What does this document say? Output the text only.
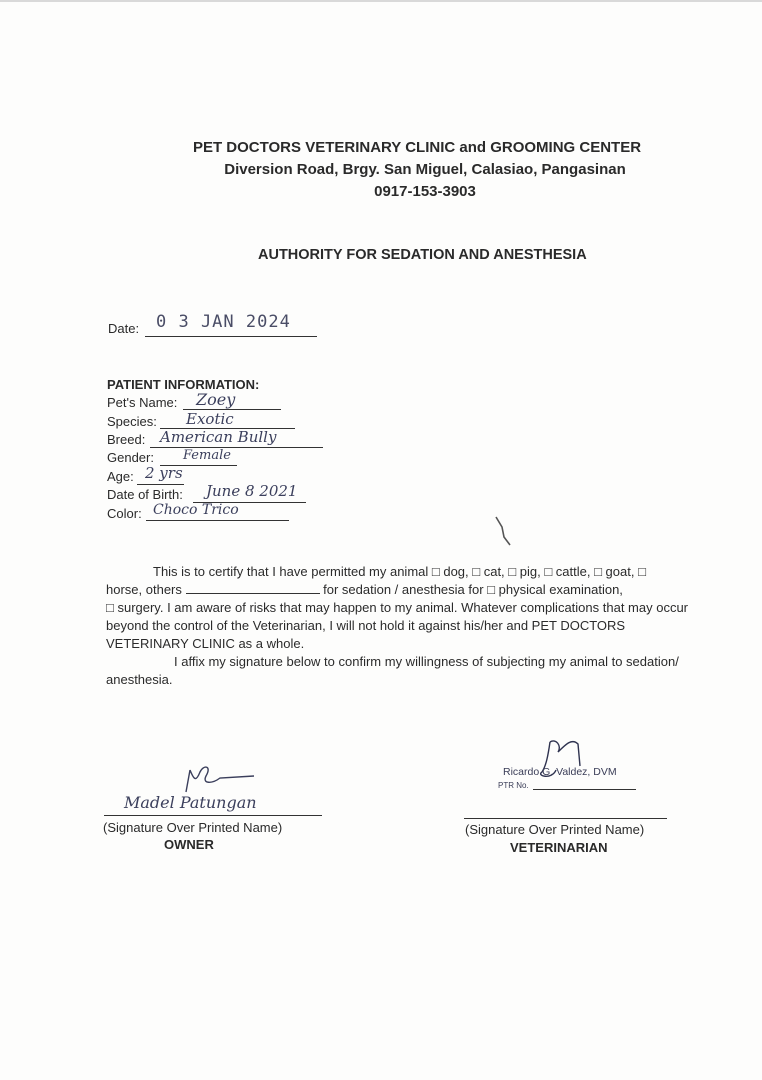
PET DOCTORS VETERINARY CLINIC and GROOMING CENTER
Diversion Road, Brgy. San Miguel, Calasiao, Pangasinan
0917-153-3903
AUTHORITY FOR SEDATION AND ANESTHESIA
Date: 0 3 JAN 2024
PATIENT INFORMATION:
Pet's Name: Zoey
Species: Exotic
Breed: American Bully
Gender: Female
Age: 2 yrs
Date of Birth: June 8 2021
Color: Choco Trico
This is to certify that I have permitted my animal □ dog, □ cat, □ pig, □ cattle, □ goat, □
horse, others	for sedation / anesthesia for □ physical examination,
□ surgery. I am aware of risks that may happen to my animal. Whatever complications that may occur beyond the control of the Veterinarian, I will not hold it against his/her and PET DOCTORS VETERINARY CLINIC as a whole.
I affix my signature below to confirm my willingness of subjecting my animal to sedation/ anesthesia.
Madel Patungan
(Signature Over Printed Name)
OWNER
Ricardo G. Valdez, DVM
PTR No.
(Signature Over Printed Name)
VETERINARIAN
